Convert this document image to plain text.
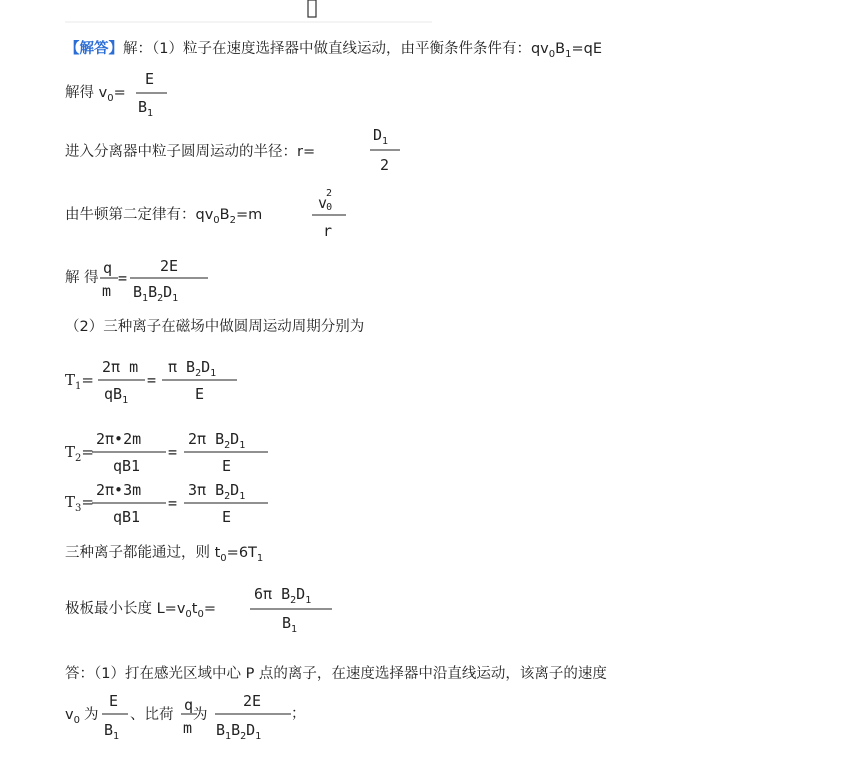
【解答】解：（1）粒子在速度选择器中做直线运动，由平衡条件条件有：$qv_0B_1=qE$
解得 $v_0=$
E
$B_1$
进入分离器中粒子圆周运动的半径：r=
$D_1$
2
由牛顿第二定律有：$qv_0B_2=m$
v2 0
r
解 得
q
m
=
2E
$B_1B_2D_1$
（2）三种离子在磁场中做圆周运动周期分别为
$T_1=$
2π m
$qB_1$
=
π $B_2D_1$
E
$T_2=$
2π•2m
qB1
=
2π $B_2D_1$
E
$T_3=$
2π•3m
qB1
=
3π $B_2D_1$
E
三种离子都能通过，则 $t_0=6T_1$
极板最小长度 $L=v_0t_0=$
6π $B_2D_1$
$B_1$
答：（1）打在感光区域中心 P 点的离子，在速度选择器中沿直线运动，该离子的速度
$v_0$ 为
E
$B_1$
、比荷
q
m
为
2E
$B_1B_2D_1$
；
